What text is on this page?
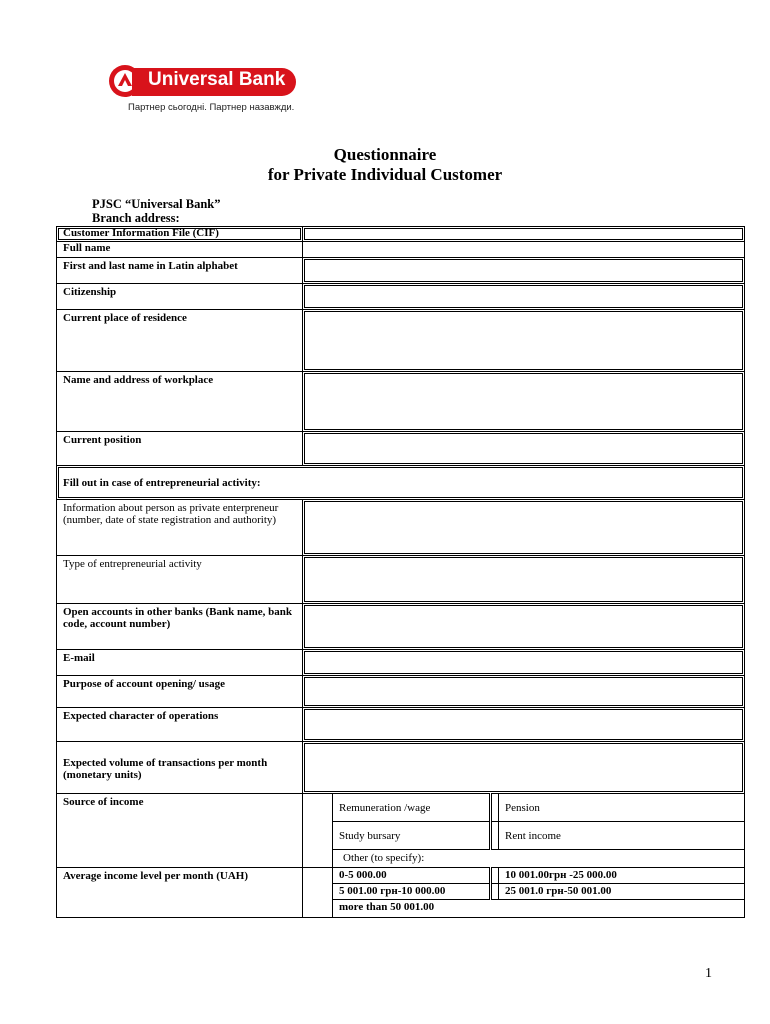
Universal Bank
Партнер сьогодні. Партнер назавжди.
Questionnaire
for Private Individual Customer
PJSC “Universal Bank”
Branch address:
Customer Information File (CIF)				
Full name				
First and last name in Latin alphabet				
Citizenship				
Current place of residence				
Name and address of workplace				
Current position				
Fill out in case of entrepreneurial activity:				
Information about person as private enterpreneur (number, date of state registration and authority)				
Type of entrepreneurial activity				
Open accounts in other banks (Bank name, bank code, account number)				
E-mail				
Purpose of account opening/ usage				
Expected character of operations				
Expected volume of transactions per month (monetary units)				
Source of income		Remuneration /wage		Pension
		Study bursary		Rent income
		Other (to specify):		
Average income level per month (UAH)		0-5 000.00		10 001.00грн -25 000.00
		5 001.00 грн-10 000.00		25 001.0 грн-50 001.00
		more than 50 001.00		
1
